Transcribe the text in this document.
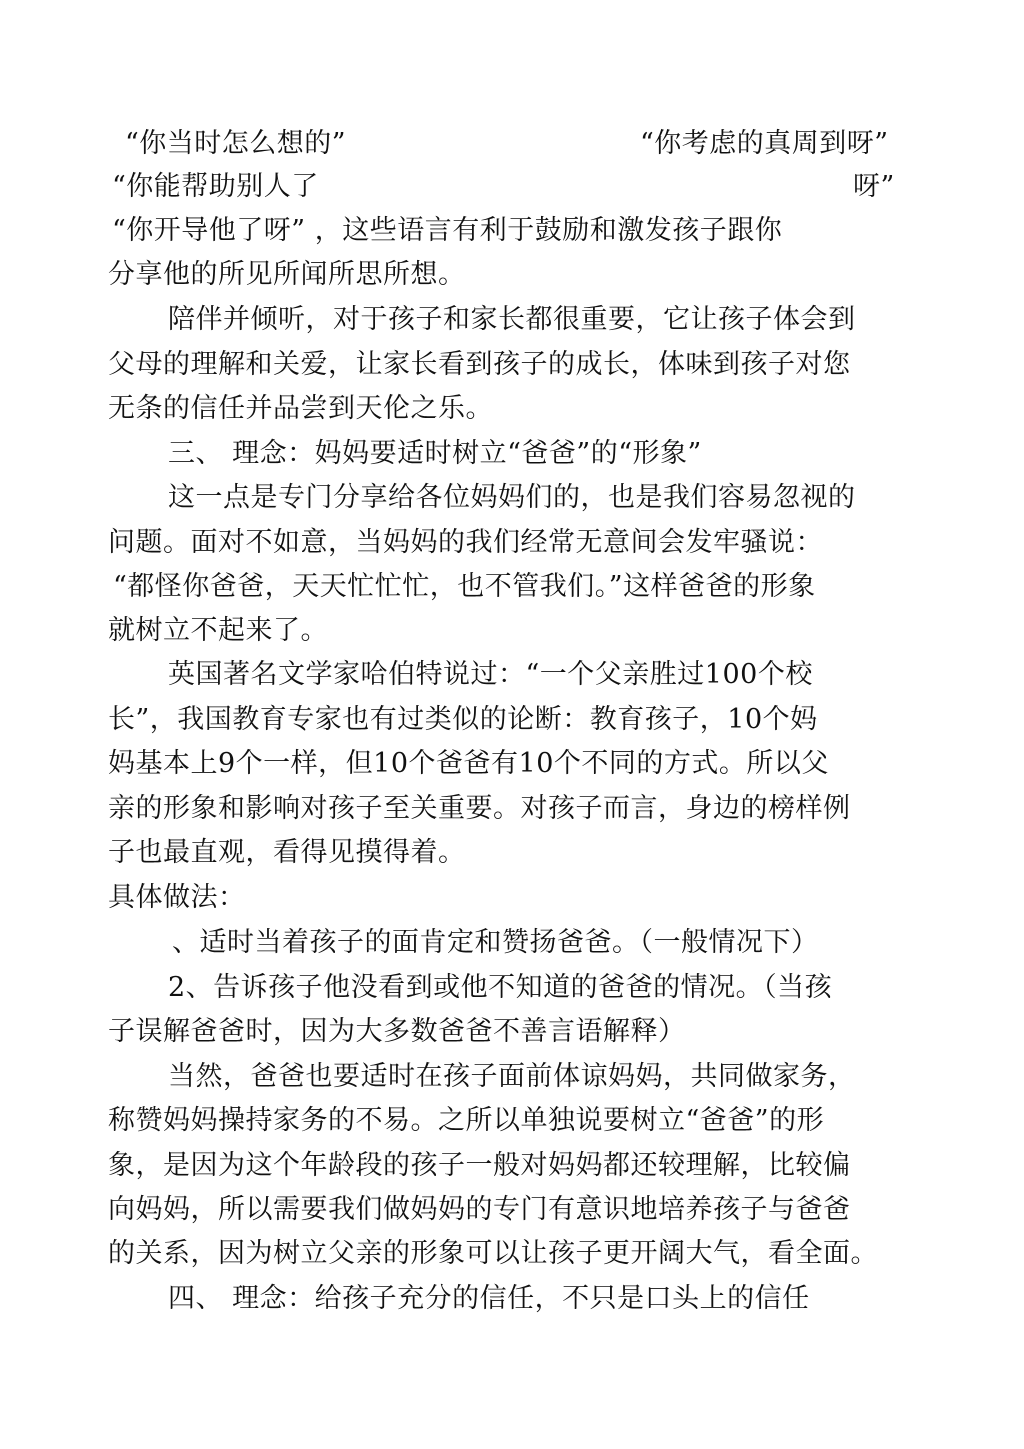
“你当时怎么想的”	“你考虑的真周到呀”

“你能帮助别人了	呀”

“你开导他了呀” ，这些语言有利于鼓励和激发孩子跟你

分享他的所见所闻所思所想。

陪伴并倾听，对于孩子和家长都很重要，它让孩子体会到

父母的理解和关爱，让家长看到孩子的成长，体味到孩子对您

无条的信任并品尝到天伦之乐。

三、 理念：妈妈要适时树立“爸爸”的“形象”

这一点是专门分享给各位妈妈们的，也是我们容易忽视的

问题。面对不如意，当妈妈的我们经常无意间会发牢骚说：

“都怪你爸爸，天天忙忙忙，也不管我们。”这样爸爸的形象

就树立不起来了。

英国著名文学家哈伯特说过：“一个父亲胜过100个校

长”，我国教育专家也有过类似的论断：教育孩子，10个妈

妈基本上9个一样，但10个爸爸有10个不同的方式。所以父

亲的形象和影响对孩子至关重要。对孩子而言，身边的榜样例

子也最直观，看得见摸得着。

具体做法：

、适时当着孩子的面肯定和赞扬爸爸。（一般情况下）

2、告诉孩子他没看到或他不知道的爸爸的情况。（当孩

子误解爸爸时，因为大多数爸爸不善言语解释）

当然，爸爸也要适时在孩子面前体谅妈妈，共同做家务，

称赞妈妈操持家务的不易。之所以单独说要树立“爸爸”的形

象，是因为这个年龄段的孩子一般对妈妈都还较理解，比较偏

向妈妈，所以需要我们做妈妈的专门有意识地培养孩子与爸爸

的关系，因为树立父亲的形象可以让孩子更开阔大气，看全面。

四、 理念：给孩子充分的信任，不只是口头上的信任
